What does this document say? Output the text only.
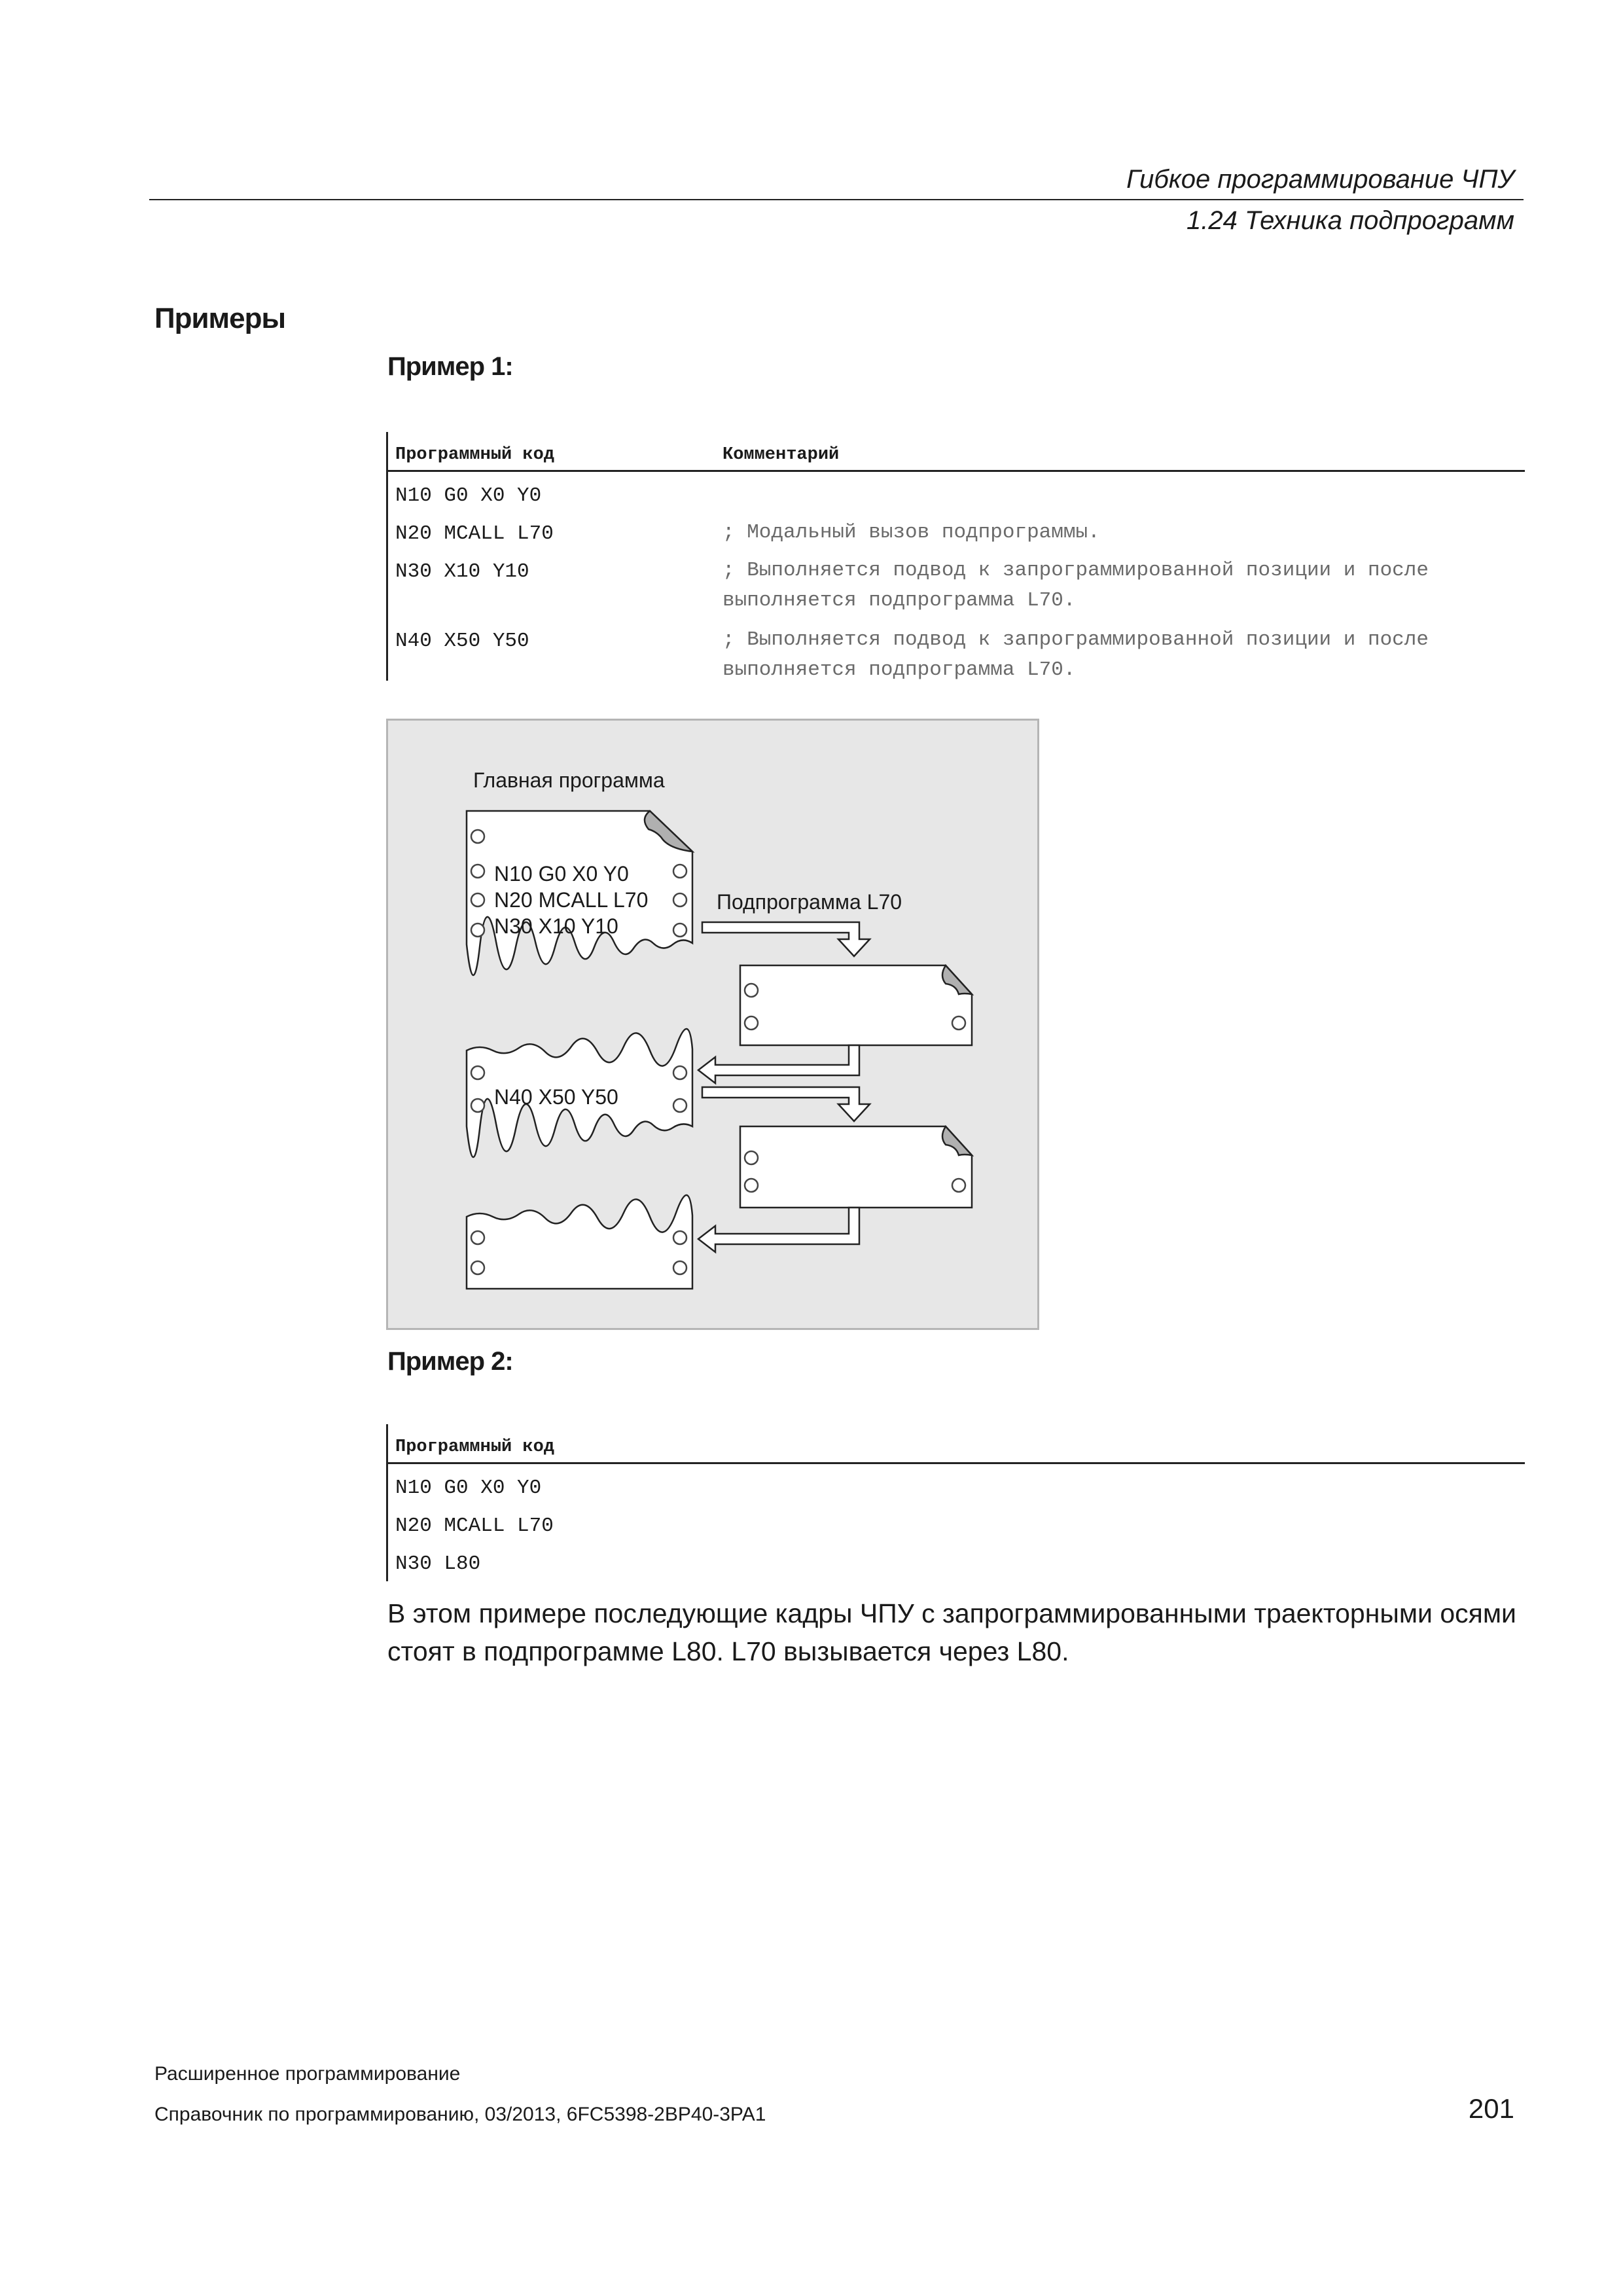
Гибкое программирование ЧПУ
1.24 Техника подпрограмм
Примеры
Пример 1:
Программный код	Комментарий
N10 G0 X0 Y0
N20 MCALL L70	; Модальный вызов подпрограммы.
N30 X10 Y10	; Выполняется подвод к запрограммированной позиции и после
выполняется подпрограмма L70.
N40 X50 Y50	; Выполняется подвод к запрограммированной позиции и после
выполняется подпрограмма L70.
Главная программа
Подпрограмма L70
N10 G0 X0 Y0
N20 MCALL L70
N30 X10 Y10
N40 X50 Y50
Пример 2:
Программный код
N10 G0 X0 Y0
N20 MCALL L70
N30 L80
В этом примере последующие кадры ЧПУ с запрограммированными траекторными осями стоят в подпрограмме L80. L70 вызывается через L80.
Расширенное программирование
Справочник по программированию, 03/2013, 6FC5398-2BP40-3PA1	201
